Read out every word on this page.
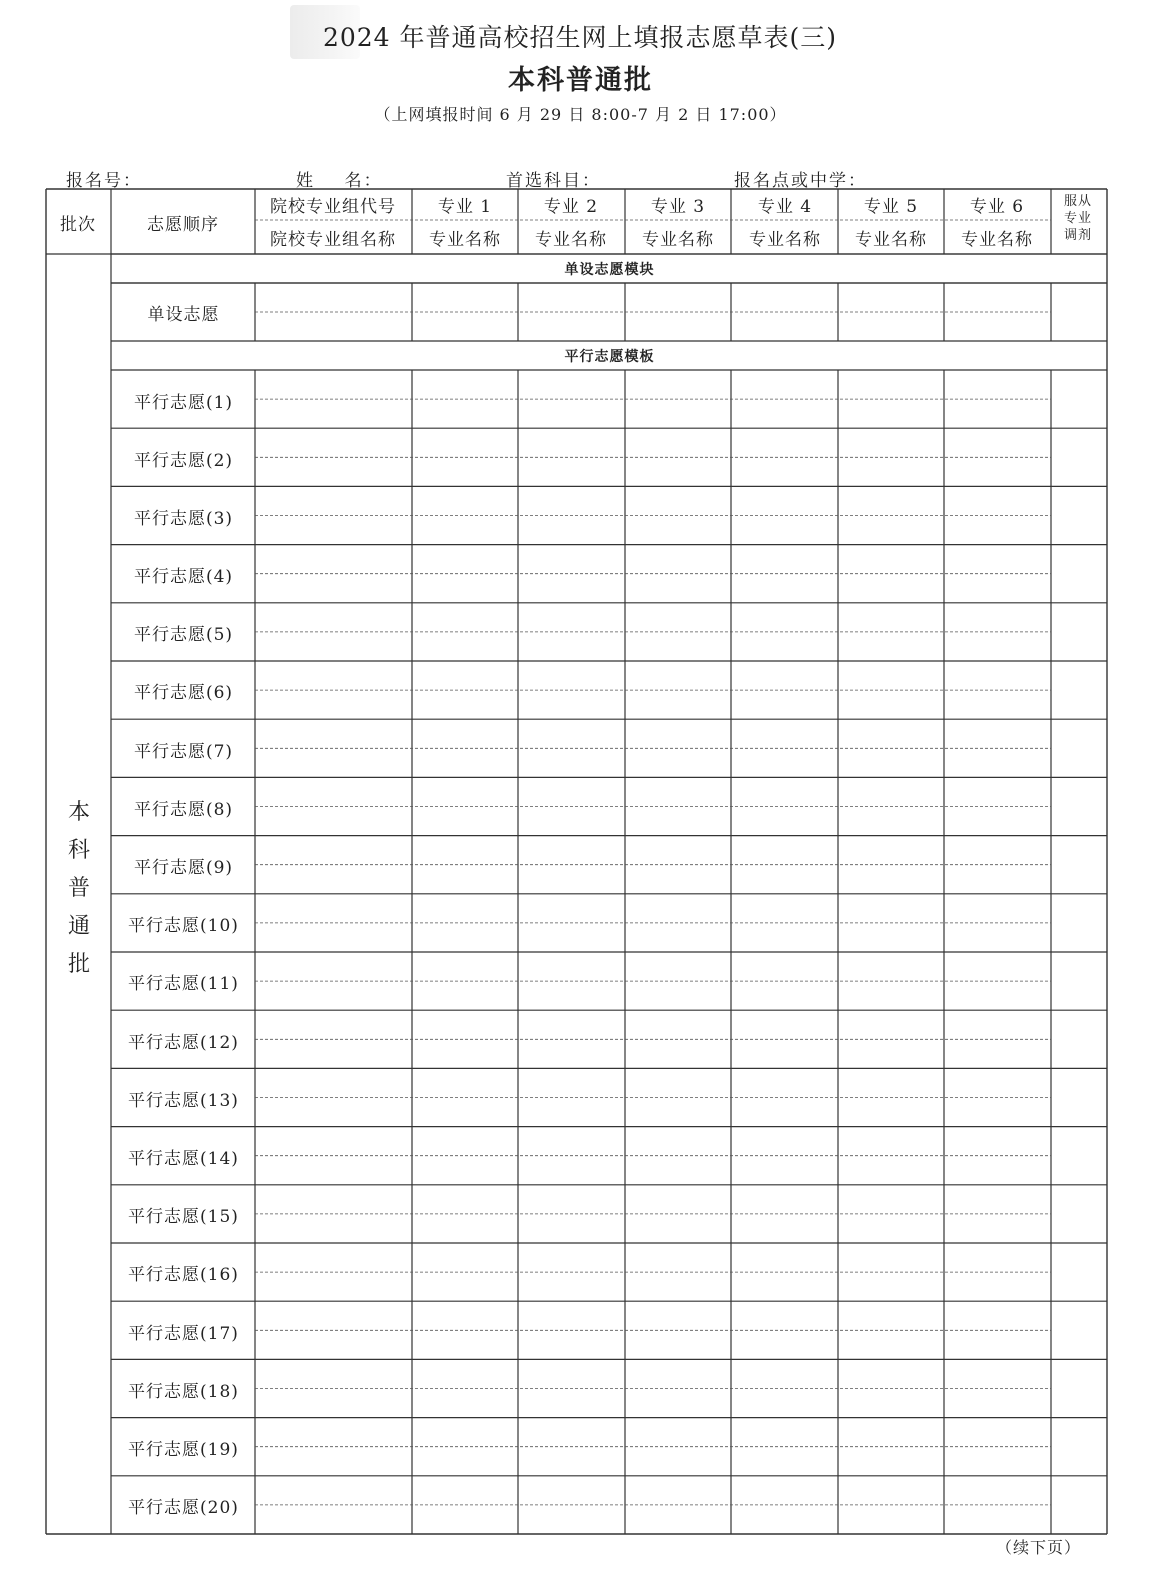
2024 年普通高校招生网上填报志愿草表(三)
本科普通批
（上网填报时间 6 月 29 日 8:00-7 月 2 日 17:00）
报名号：	姓    名：	首选科目：	报名点或中学：
批次	志愿顺序
院校专业组代号
院校专业组名称
专业 1	专业 2	专业 3	专业 4	专业 5	专业 6
专业名称 专业名称 专业名称 专业名称 专业名称 专业名称
服从
专业
调剂
单设志愿模块
单设志愿
平行志愿模板
本
科
普
通
批
平行志愿(1)
平行志愿(2)
平行志愿(3)
平行志愿(4)
平行志愿(5)
平行志愿(6)
平行志愿(7)
平行志愿(8)
平行志愿(9)
平行志愿(10)
平行志愿(11)
平行志愿(12)
平行志愿(13)
平行志愿(14)
平行志愿(15)
平行志愿(16)
平行志愿(17)
平行志愿(18)
平行志愿(19)
平行志愿(20)
（续下页）
